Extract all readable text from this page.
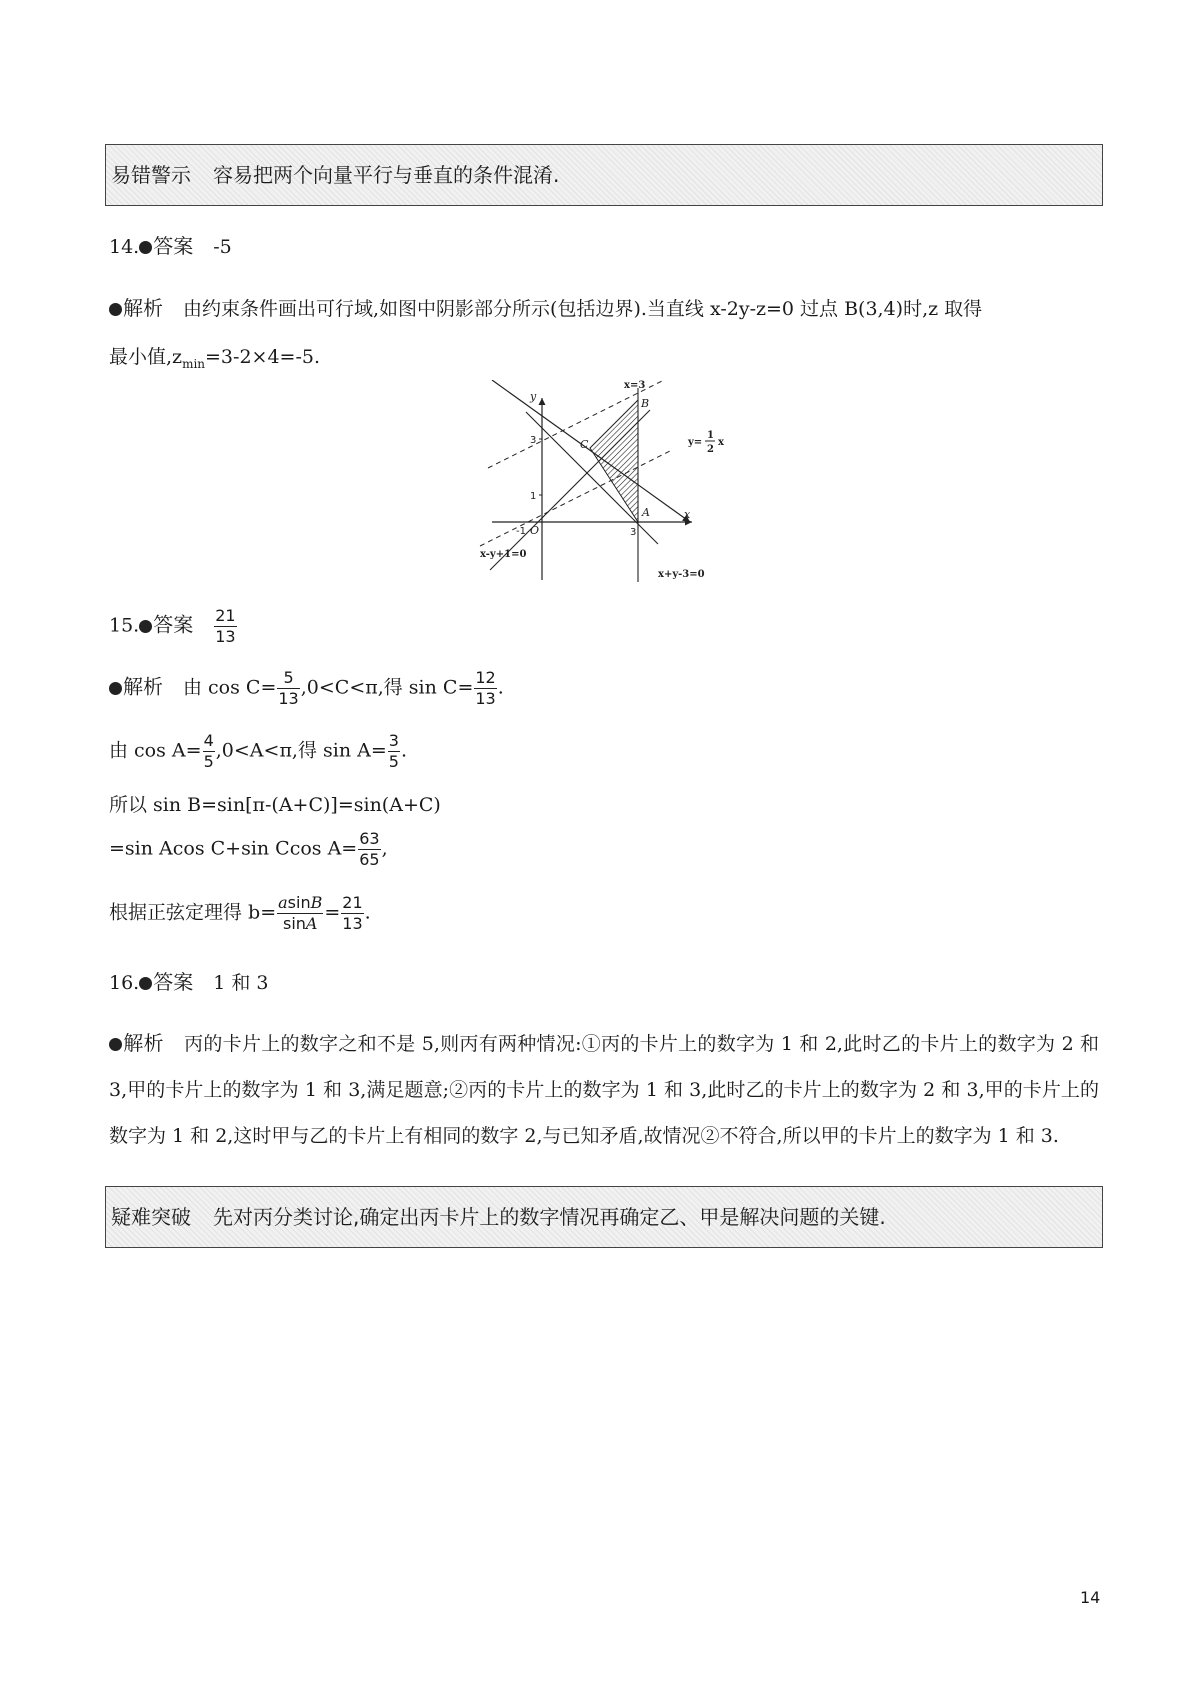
易错警示 容易把两个向量平行与垂直的条件混淆.
14. 答案 -5
解析 由约束条件画出可行域,如图中阴影部分所示(包括边界).当直线 x-2y-z=0 过点 B(3,4)时,z 取得
最小值$,z_{min}=3-2\times 4=-5$.
y
x
O
A
B
C
x=3
-1
1
3
3
y=
1
2
x
x-y+1=0
x+y-3=0
15. 答案 $\frac{21}{13}$
解析 由 $\cos C= \frac{5}{13} ,0<C<\pi$,得 $\sin C= \frac{12}{13}$ .
由 $\cos A= \frac{4}{5} ,0<A<\pi$,得 $\sin A= \frac{3}{5}$ .
所以 sin B=sin[π-(A+C)]=sin(A+C)
=sin Acos C+sin Ccos $A= \frac{63}{65}$ ,
根据正弦定理得 $b= \frac{asinB}{\sin A} = \frac{21}{13}$ .
16. 答案 1 和 3
解析 丙的卡片上的数字之和不是 5,则丙有两种情况:①丙的卡片上的数字为 1 和 2,此时乙的卡片上的数字为 2 和 3,甲的卡片上的数字为 1 和 3,满足题意;②丙的卡片上的数字为 1 和 3,此时乙的卡片上的数字为 2 和 3,甲的卡片上的数字为 1 和 2,这时甲与乙的卡片上有相同的数字 2,与已知矛盾,故情况②不符合,所以甲的卡片上的数字为 1 和 3.
疑难突破 先对丙分类讨论,确定出丙卡片上的数字情况再确定乙、甲是解决问题的关键.
14
